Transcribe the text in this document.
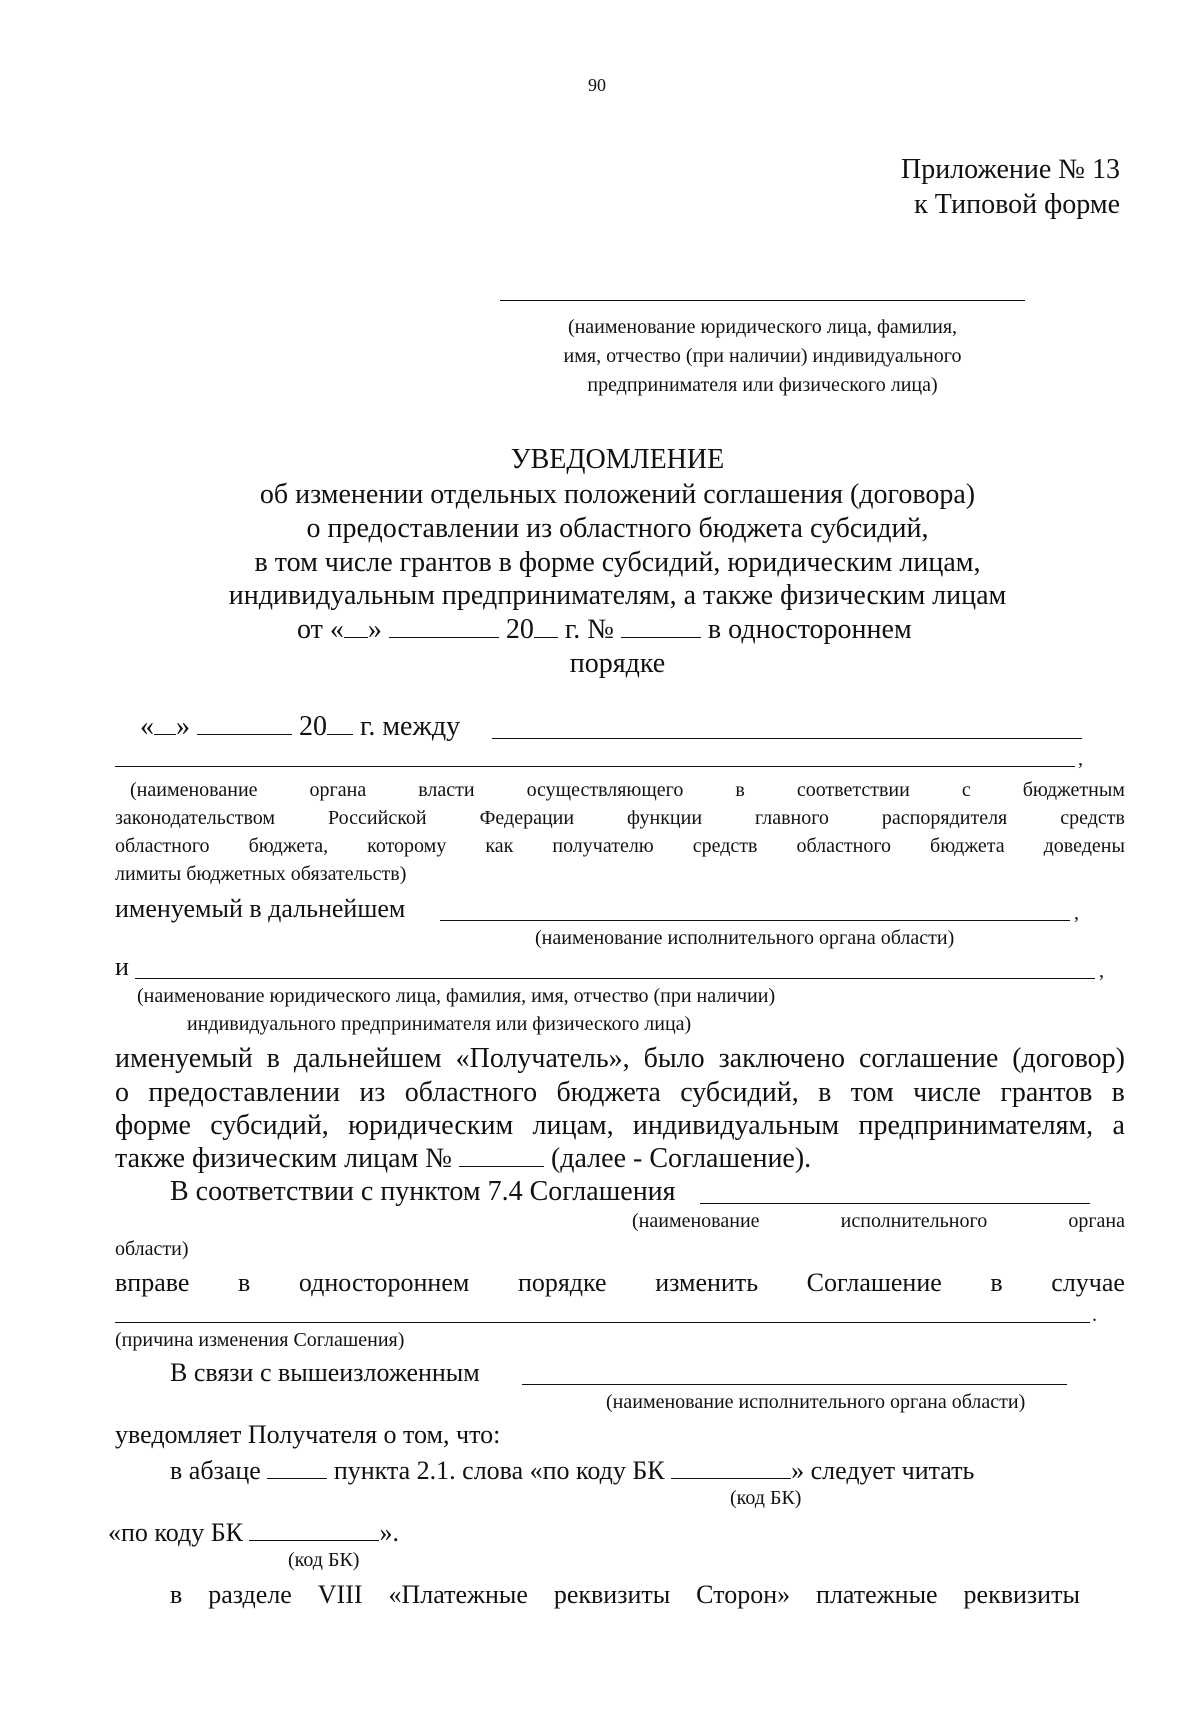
90
Приложение № 13
к Типовой форме
(наименование юридического лица, фамилия,
имя, отчество (при наличии) индивидуального
предпринимателя или физического лица)
УВЕДОМЛЕНИЕ
об изменении отдельных положений соглашения (договора)
о предоставлении из областного бюджета субсидий,
в том числе грантов в форме субсидий, юридическим лицам,
индивидуальным предпринимателям, а также физическим лицам
от « »	20 г. №	в одностороннем
порядке
« »	20 г. между
,
(наименование	органа	власти	осуществляющего	в	соответствии	с	бюджетным
законодательством	Российской	Федерации	функции	главного	распорядителя	средств
областного бюджета, которому как получателю средств областного бюджета доведены
лимиты бюджетных обязательств)
именуемый в дальнейшем	,
(наименование исполнительного органа области)
и	,
(наименование юридического лица, фамилия, имя, отчество (при наличии)
индивидуального предпринимателя или физического лица)
именуемый в дальнейшем «Получатель», было заключено соглашение (договор)
о предоставлении из областного бюджета субсидий, в том числе грантов в
форме субсидий, юридическим лицам, индивидуальным предпринимателям, а
также физическим лицам №	(далее - Соглашение).
В соответствии с пунктом 7.4 Соглашения
(наименование	исполнительного	органа
области)
вправе в одностороннем порядке изменить Соглашение в случае
.
(причина изменения Соглашения)
В связи с вышеизложенным
(наименование исполнительного органа области)
уведомляет Получателя о том, что:
в абзаце	пункта 2.1. слова «по коду БК	» следует читать
(код БК)
«по коду БК	».
(код БК)
в разделе VIII «Платежные реквизиты Сторон» платежные реквизиты
